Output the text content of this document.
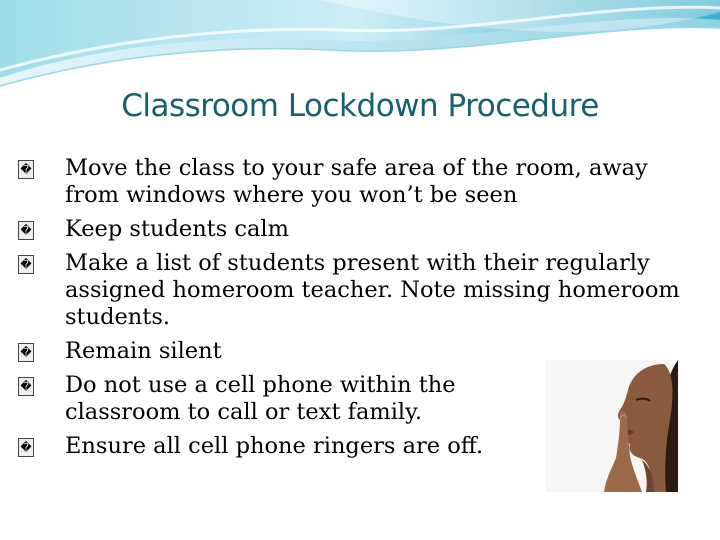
Classroom Lockdown Procedure
�	Move the class to your safe area of the room, away from windows where you won’t be seen
�	Keep students calm
�	Make a list of students present with their regularly assigned homeroom teacher. Note missing homeroom students.
�	Remain silent
�	Do not use a cell phone within the classroom to call or text family.
�	Ensure all cell phone ringers are off.
